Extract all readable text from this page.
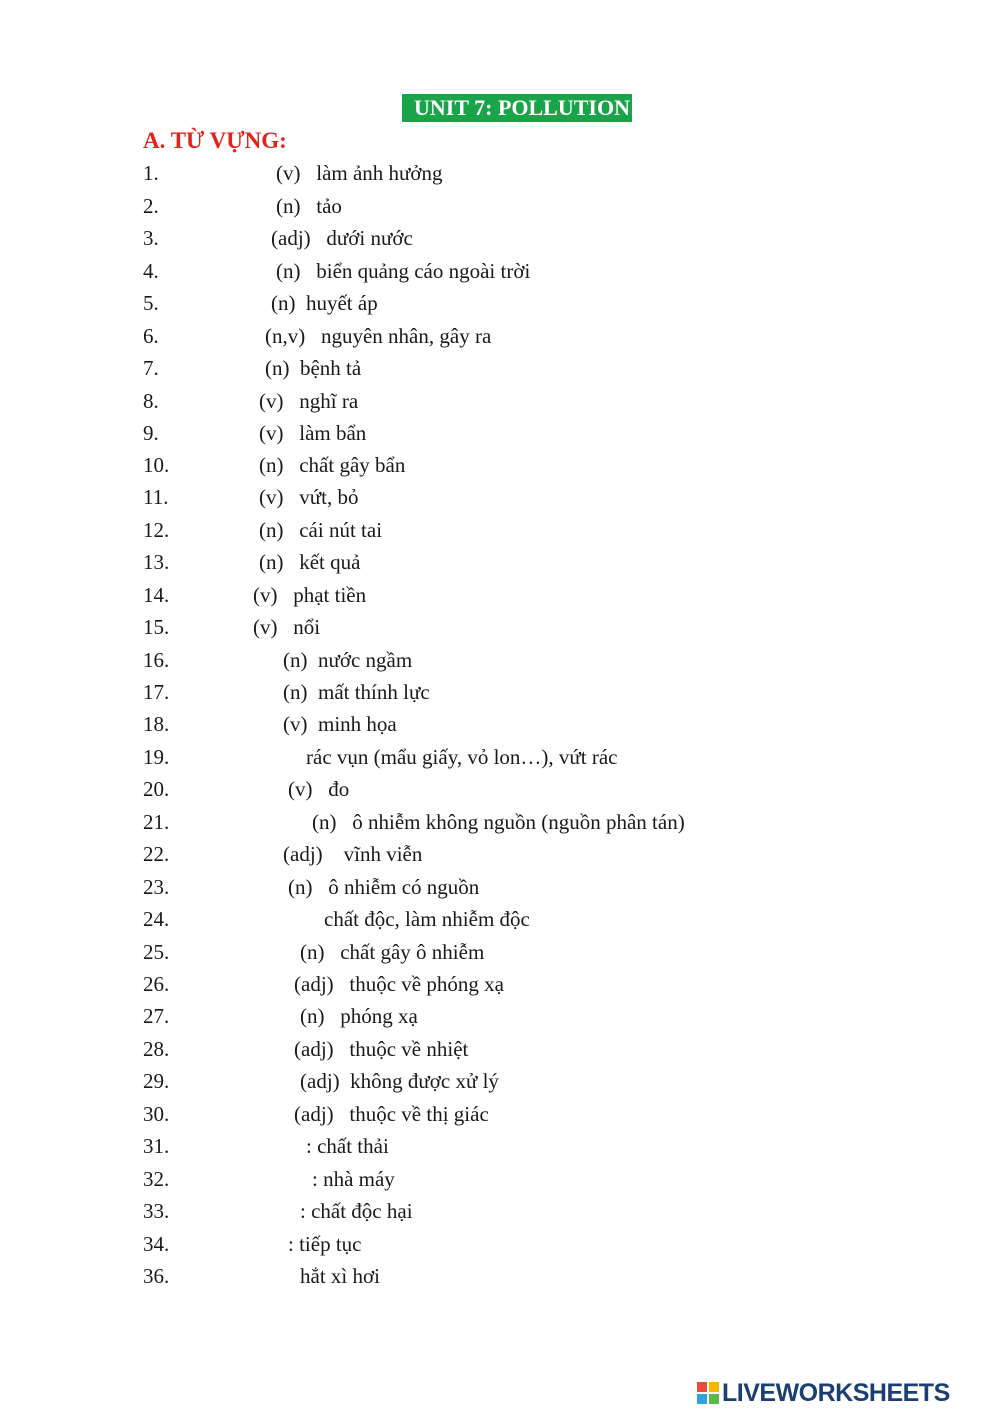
UNIT 7: POLLUTION
A. TỪ VỰNG:
1.	(v)   làm ảnh hưởng
2.	(n)   tảo
3.	(adj)   dưới nước
4.	(n)   biển quảng cáo ngoài trời
5.	(n)  huyết áp
6.	(n,v)   nguyên nhân, gây ra
7.	(n)  bệnh tả
8.	(v)   nghĩ ra
9.	(v)   làm bẩn
10.	(n)   chất gây bẩn
11.	(v)   vứt, bỏ
12.	(n)   cái nút tai
13.	(n)   kết quả
14.	(v)   phạt tiền
15.	(v)   nổi
16.	(n)  nước ngầm
17.	(n)  mất thính lực
18.	(v)  minh họa
19.	rác vụn (mẩu giấy, vỏ lon…), vứt rác
20.	(v)   đo
21.	(n)   ô nhiễm không nguồn (nguồn phân tán)
22.	(adj)    vĩnh viễn
23.	(n)   ô nhiễm có nguồn
24.	chất độc, làm nhiễm độc
25.	(n)   chất gây ô nhiễm
26.	(adj)   thuộc về phóng xạ
27.	(n)   phóng xạ
28.	(adj)   thuộc về nhiệt
29.	(adj)  không được xử lý
30.	(adj)   thuộc về thị giác
31.	: chất thải
32.	: nhà máy
33.	: chất độc hại
34.	: tiếp tục
36.	hắt xì hơi
LIVEWORKSHEETS
